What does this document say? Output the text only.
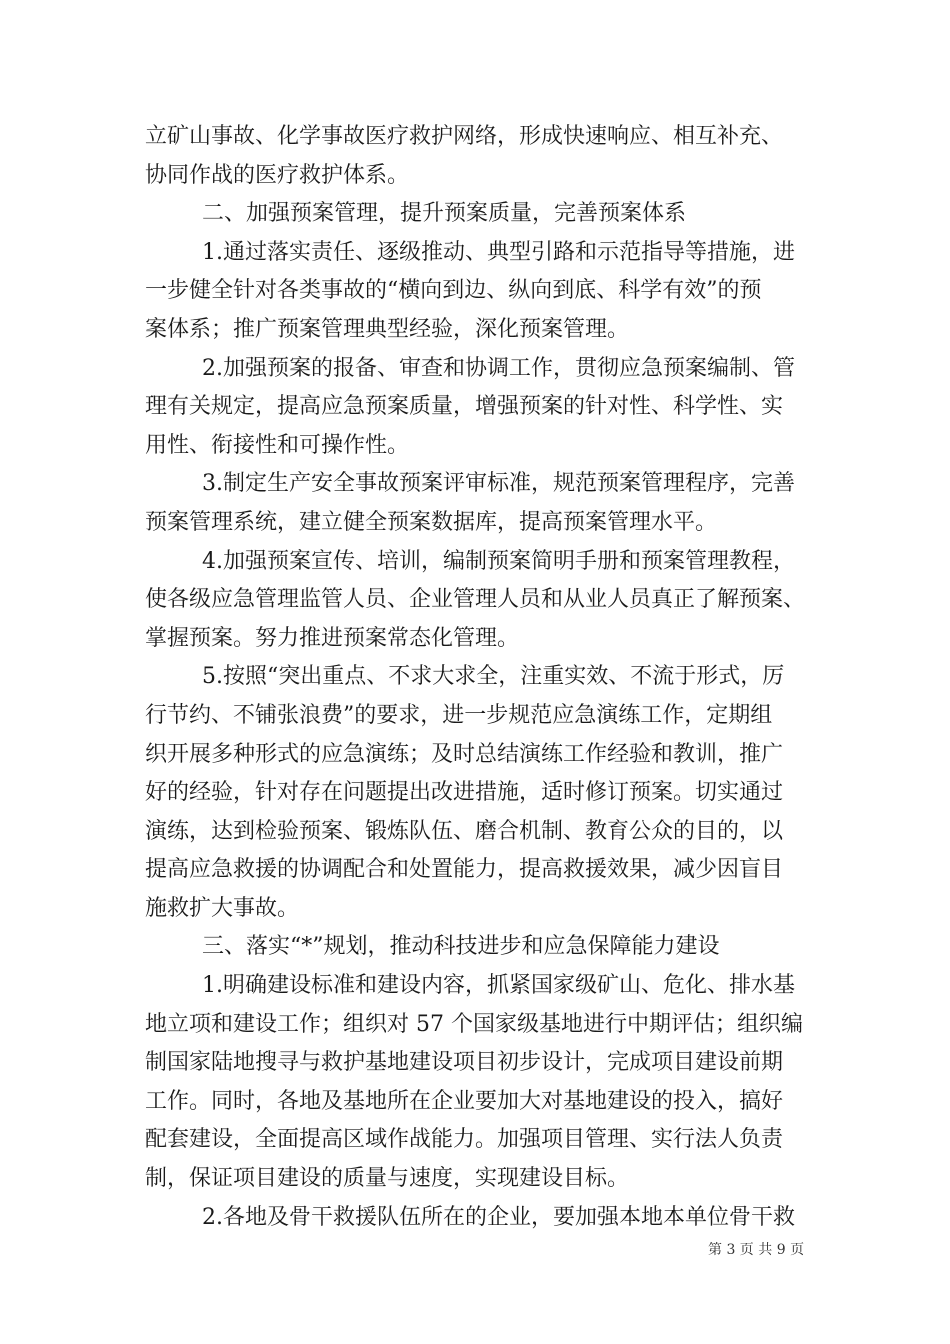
立矿山事故、化学事故医疗救护网络，形成快速响应、相互补充、
协同作战的医疗救护体系。
二、加强预案管理，提升预案质量，完善预案体系
1.通过落实责任、逐级推动、典型引路和示范指导等措施，进
一步健全针对各类事故的“横向到边、纵向到底、科学有效”的预
案体系；推广预案管理典型经验，深化预案管理。
2.加强预案的报备、审查和协调工作，贯彻应急预案编制、管
理有关规定，提高应急预案质量，增强预案的针对性、科学性、实
用性、衔接性和可操作性。
3.制定生产安全事故预案评审标准，规范预案管理程序，完善
预案管理系统，建立健全预案数据库，提高预案管理水平。
4.加强预案宣传、培训，编制预案简明手册和预案管理教程，
使各级应急管理监管人员、企业管理人员和从业人员真正了解预案、
掌握预案。努力推进预案常态化管理。
5.按照“突出重点、不求大求全，注重实效、不流于形式，厉
行节约、不铺张浪费”的要求，进一步规范应急演练工作，定期组
织开展多种形式的应急演练；及时总结演练工作经验和教训，推广
好的经验，针对存在问题提出改进措施，适时修订预案。切实通过
演练，达到检验预案、锻炼队伍、磨合机制、教育公众的目的，以
提高应急救援的协调配合和处置能力，提高救援效果，减少因盲目
施救扩大事故。
三、落实“*”规划，推动科技进步和应急保障能力建设
1.明确建设标准和建设内容，抓紧国家级矿山、危化、排水基
地立项和建设工作；组织对 57 个国家级基地进行中期评估；组织编
制国家陆地搜寻与救护基地建设项目初步设计，完成项目建设前期
工作。同时，各地及基地所在企业要加大对基地建设的投入，搞好
配套建设，全面提高区域作战能力。加强项目管理、实行法人负责
制，保证项目建设的质量与速度，实现建设目标。
2.各地及骨干救援队伍所在的企业，要加强本地本单位骨干救
第 3 页 共 9 页
